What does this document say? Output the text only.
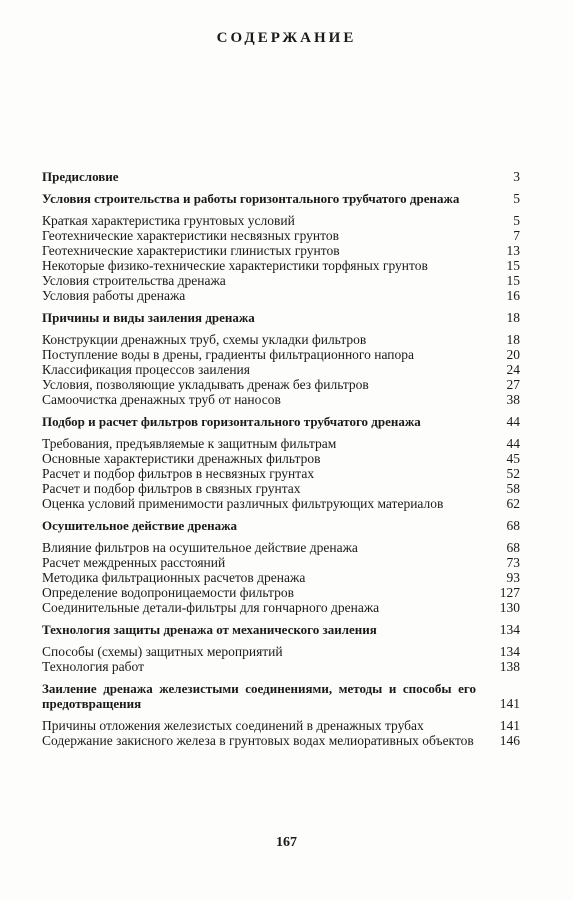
СОДЕРЖАНИЕ
Предисловие	3
Условия строительства и работы горизонтального трубчатого дренажа	5
Краткая характеристика грунтовых условий	5
Геотехнические характеристики несвязных грунтов	7
Геотехнические характеристики глинистых грунтов	13
Некоторые физико-технические характеристики торфяных грунтов	15
Условия строительства дренажа	15
Условия работы дренажа	16
Причины и виды заиления дренажа	18
Конструкции дренажных труб, схемы укладки фильтров	18
Поступление воды в дрены, градиенты фильтрационного напора	20
Классификация процессов заиления	24
Условия, позволяющие укладывать дренаж без фильтров	27
Самоочистка дренажных труб от наносов	38
Подбор и расчет фильтров горизонтального трубчатого дренажа	44
Требования, предъявляемые к защитным фильтрам	44
Основные характеристики дренажных фильтров	45
Расчет и подбор фильтров в несвязных грунтах	52
Расчет и подбор фильтров в связных грунтах	58
Оценка условий применимости различных фильтрующих материалов	62
Осушительное действие дренажа	68
Влияние фильтров на осушительное действие дренажа	68
Расчет междренных расстояний	73
Методика фильтрационных расчетов дренажа	93
Определение водопроницаемости фильтров	127
Соединительные детали-фильтры для гончарного дренажа	130
Технология защиты дренажа от механического заиления	134
Способы (схемы) защитных мероприятий	134
Технология работ	138
Заиление дренажа железистыми соединениями, методы и способы его предотвращения	141
Причины отложения железистых соединений в дренажных трубах	141
Содержание закисного железа в грунтовых водах мелиоративных объектов	146
167
